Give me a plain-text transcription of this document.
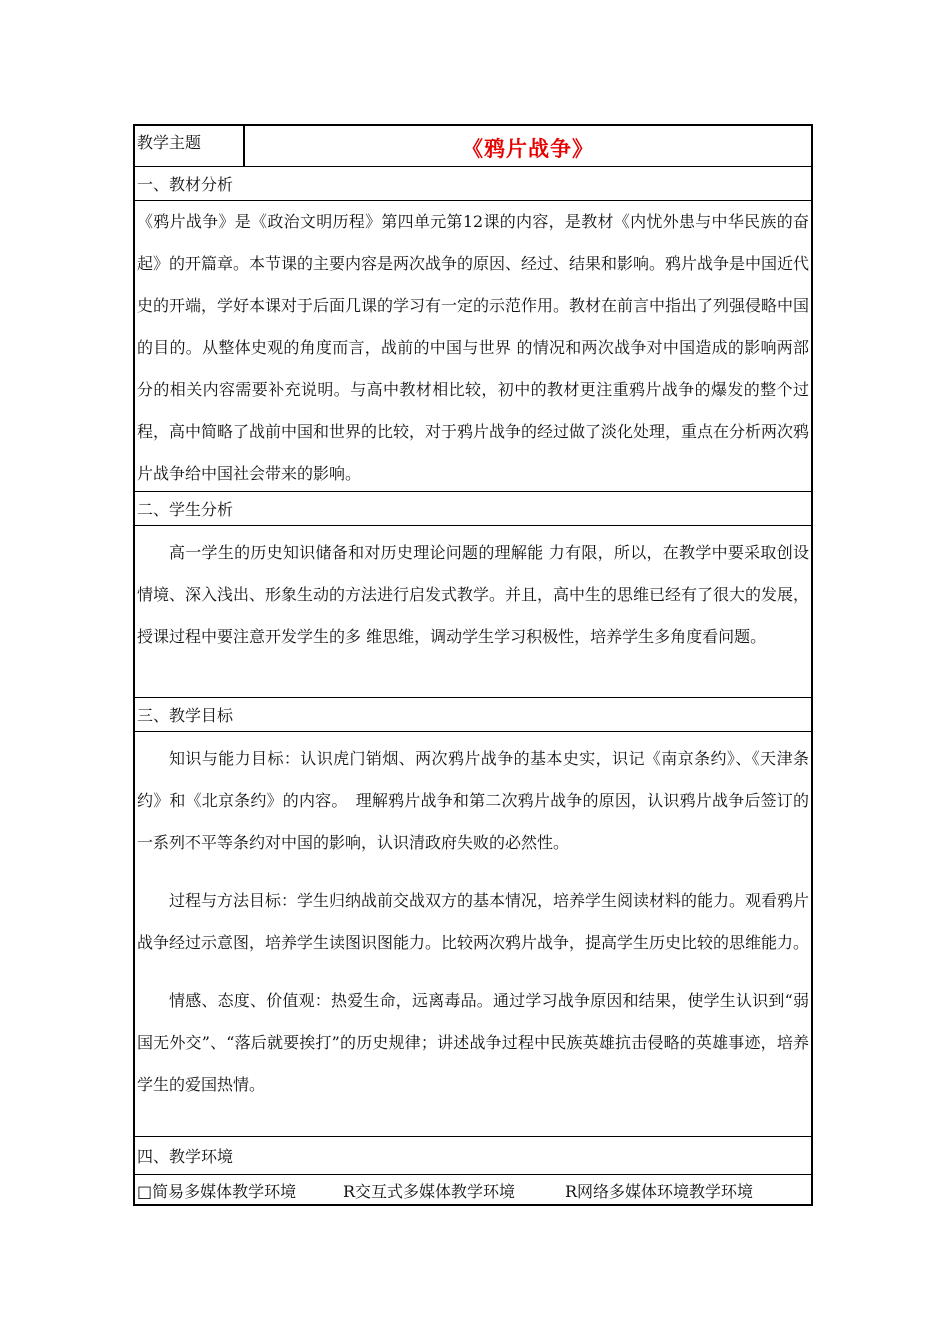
教学主题	《鸦片战争》
一、教材分析

《鸦片战争》是《政治文明历程》第四单元第12课的内容，是教材《内忧外患与中华民族的奋起》的开篇章。本节课的主要内容是两次战争的原因、经过、结果和影响。鸦片战争是中国近代史的开端，学好本课对于后面几课的学习有一定的示范作用。教材在前言中指出了列强侵略中国的目的。从整体史观的角度而言，战前的中国与世界 的情况和两次战争对中国造成的影响两部分的相关内容需要补充说明。与高中教材相比较，初中的教材更注重鸦片战争的爆发的整个过程，高中简略了战前中国和世界的比较，对于鸦片战争的经过做了淡化处理，重点在分析两次鸦片战争给中国社会带来的影响。

二、学生分析

高一学生的历史知识储备和对历史理论问题的理解能 力有限，所以，在教学中要采取创设情境、深入浅出、形象生动的方法进行启发式教学。并且，高中生的思维已经有了很大的发展，授课过程中要注意开发学生的多 维思维，调动学生学习积极性，培养学生多角度看问题。

三、教学目标

知识与能力目标：认识虎门销烟、两次鸦片战争的基本史实，识记《南京条约》、《天津条约》和《北京条约》的内容。　理解鸦片战争和第二次鸦片战争的原因，认识鸦片战争后签订的一系列不平等条约对中国的影响，认识清政府失败的必然性。

过程与方法目标：学生归纳战前交战双方的基本情况，培养学生阅读材料的能力。观看鸦片战争经过示意图，培养学生读图识图能力。比较两次鸦片战争，提高学生历史比较的思维能力。

情感、态度、价值观：热爱生命，远离毒品。通过学习战争原因和结果，使学生认识到“弱国无外交”、“落后就要挨打”的历史规律；讲述战争过程中民族英雄抗击侵略的英雄事迹，培养学生的爱国热情。

四、教学环境
□简易多媒体教学环境	R交互式多媒体教学环境	R网络多媒体环境教学环境
